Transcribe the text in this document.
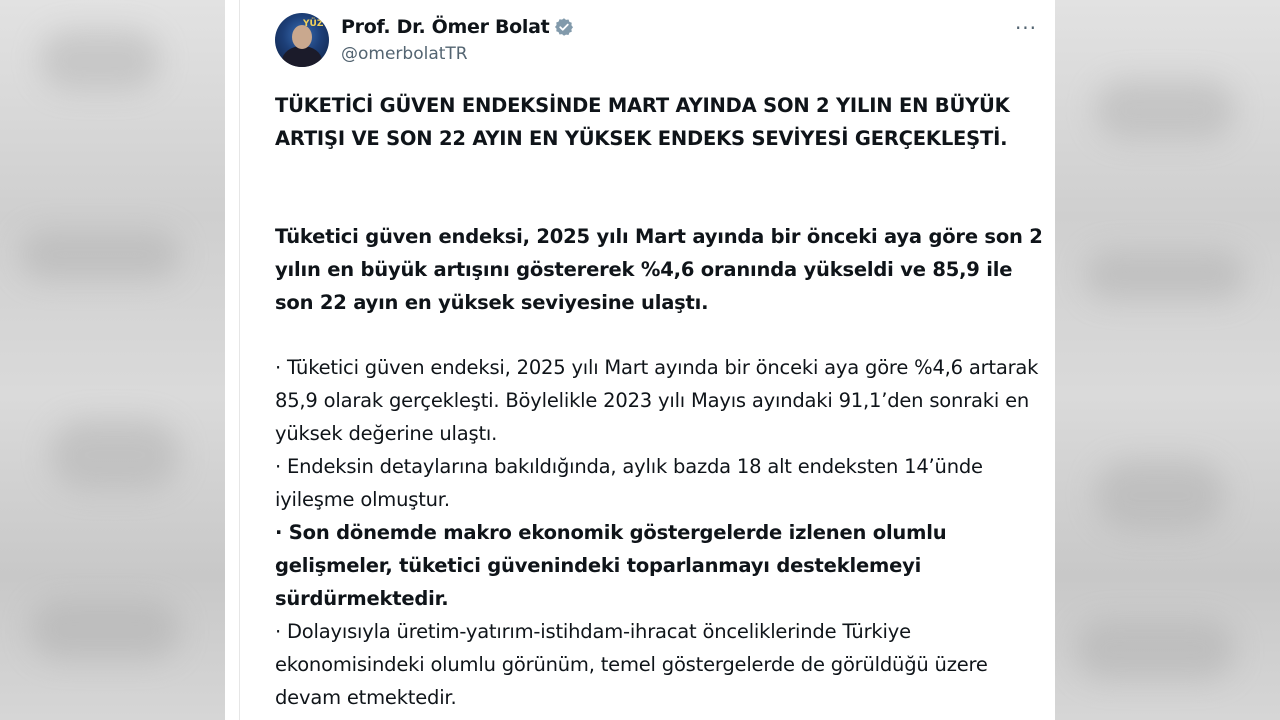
YÜZ Prof. Dr. Ömer Bolat
@omerbolatTR
···

TÜKETİCİ GÜVEN ENDEKSİNDE MART AYINDA SON 2 YILIN EN BÜYÜK ARTIŞI VE SON 22 AYIN EN YÜKSEK ENDEKS SEVİYESİ GERÇEKLEŞTİ.

Tüketici güven endeksi, 2025 yılı Mart ayında bir önceki aya göre son 2 yılın en büyük artışını göstererek %4,6 oranında yükseldi ve 85,9 ile son 22 ayın en yüksek seviyesine ulaştı.

· Tüketici güven endeksi, 2025 yılı Mart ayında bir önceki aya göre %4,6 artarak 85,9 olarak gerçekleşti. Böylelikle 2023 yılı Mayıs ayındaki 91,1’den sonraki en yüksek değerine ulaştı.

· Endeksin detaylarına bakıldığında, aylık bazda 18 alt endeksten 14’ünde iyileşme olmuştur.

· Son dönemde makro ekonomik göstergelerde izlenen olumlu gelişmeler, tüketici güvenindeki toparlanmayı desteklemeyi sürdürmektedir.

· Dolayısıyla üretim-yatırım-istihdam-ihracat önceliklerinde Türkiye ekonomisindeki olumlu görünüm, temel göstergelerde de görüldüğü üzere devam etmektedir.
